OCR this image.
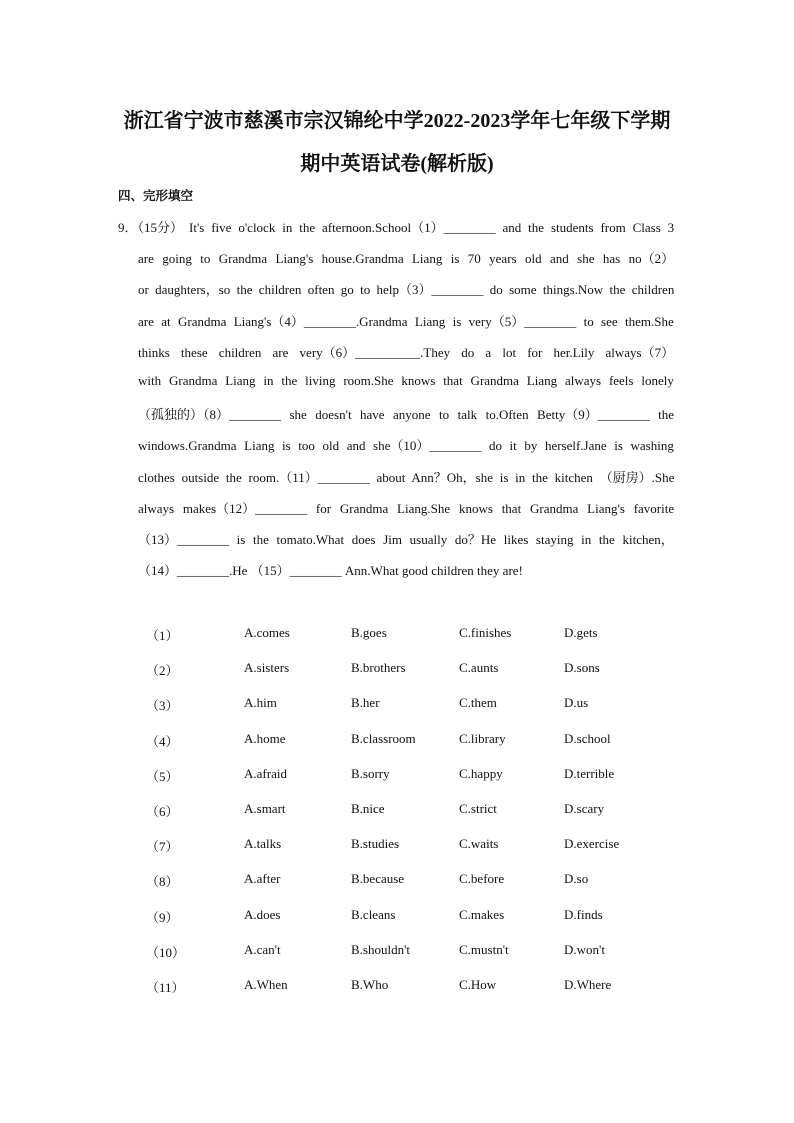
浙江省宁波市慈溪市宗汉锦纶中学2022-2023学年七年级下学期
期中英语试卷(解析版)
四、完形填空
9．（15分） It's five o'clock in the afternoon.School（1）________ and the students from Class 3
are going to Grandma Liang's house.Grandma Liang is 70 years old and she has no（2）
or daughters，so the children often go to help（3）________ do some things.Now the children
are at Grandma Liang's（4）________.Grandma Liang is very（5）________ to see them.She
thinks these children are very（6）__________.They do a lot for her.Lily always（7）
with Grandma Liang in the living room.She knows that Grandma Liang always feels lonely
（孤独的）（8）________ she doesn't have anyone to talk to.Often Betty（9）________ the
windows.Grandma Liang is too old and she（10）________ do it by herself.Jane is washing
clothes outside the room.（11）________ about Ann？Oh，she is in the kitchen （厨房）.She
always makes（12）________ for Grandma Liang.She knows that Grandma Liang's favorite
（13）________ is the tomato.What does Jim usually do？He likes staying in the kitchen，
（14）________.He （15）________ Ann.What good children they are!
（1）	A.comes	B.goes	C.finishes	D.gets
（2）	A.sisters	B.brothers	C.aunts	D.sons
（3）	A.him	B.her	C.them	D.us
（4）	A.home	B.classroom	C.library	D.school
（5）	A.afraid	B.sorry	C.happy	D.terrible
（6）	A.smart	B.nice	C.strict	D.scary
（7）	A.talks	B.studies	C.waits	D.exercise
（8）	A.after	B.because	C.before	D.so
（9）	A.does	B.cleans	C.makes	D.finds
（10）	A.can't	B.shouldn't	C.mustn't	D.won't
（11）	A.When	B.Who	C.How	D.Where
